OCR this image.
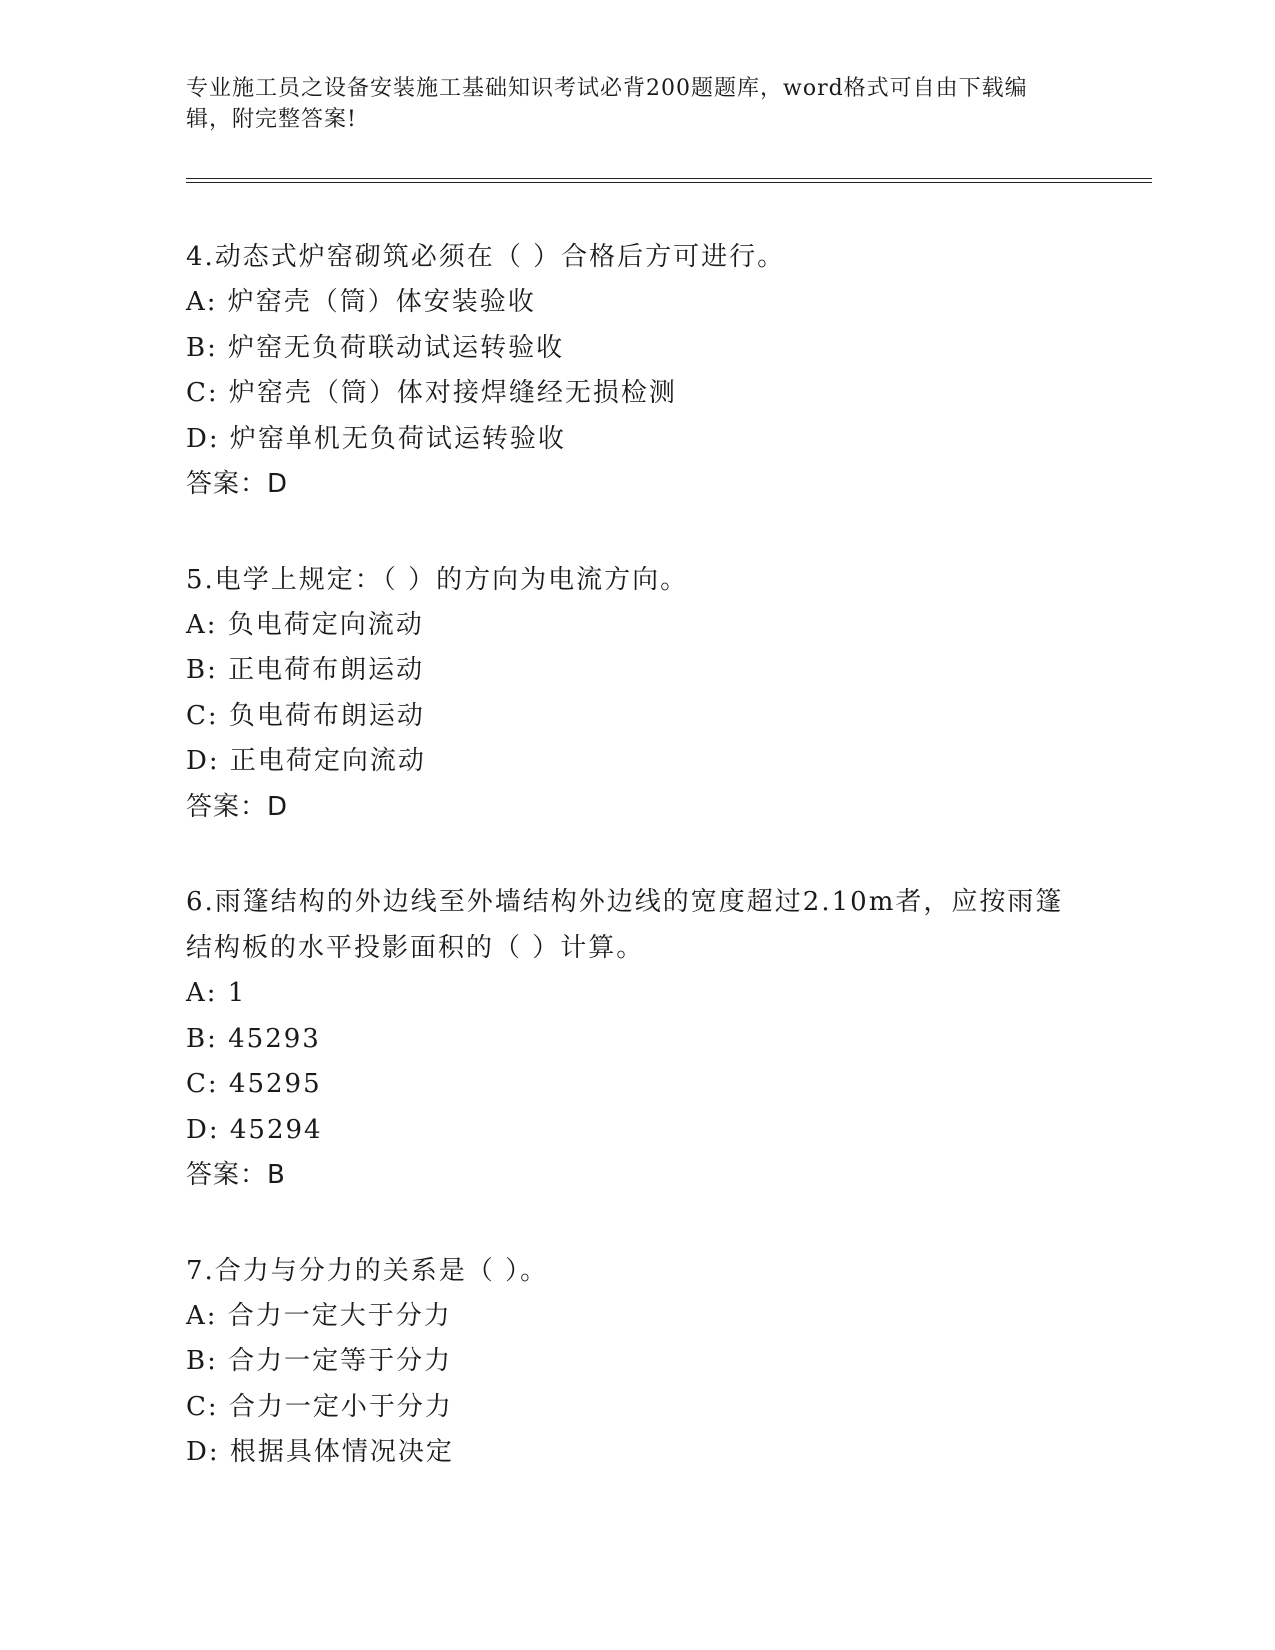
专业施工员之设备安装施工基础知识考试必背200题题库，word格式可自由下载编辑，附完整答案!

4.动态式炉窑砌筑必须在（ ）合格后方可进行。

A: 炉窑壳（筒）体安装验收

B: 炉窑无负荷联动试运转验收

C: 炉窑壳（筒）体对接焊缝经无损检测

D: 炉窑单机无负荷试运转验收

答案：D

5.电学上规定：（ ）的方向为电流方向。

A: 负电荷定向流动

B: 正电荷布朗运动

C: 负电荷布朗运动

D: 正电荷定向流动

答案：D

6.雨篷结构的外边线至外墙结构外边线的宽度超过2.10m者，应按雨篷结构板的水平投影面积的（ ）计算。

A: 1

B: 45293

C: 45295

D: 45294

答案：B

7.合力与分力的关系是（ ）。

A: 合力一定大于分力

B: 合力一定等于分力

C: 合力一定小于分力

D: 根据具体情况决定
